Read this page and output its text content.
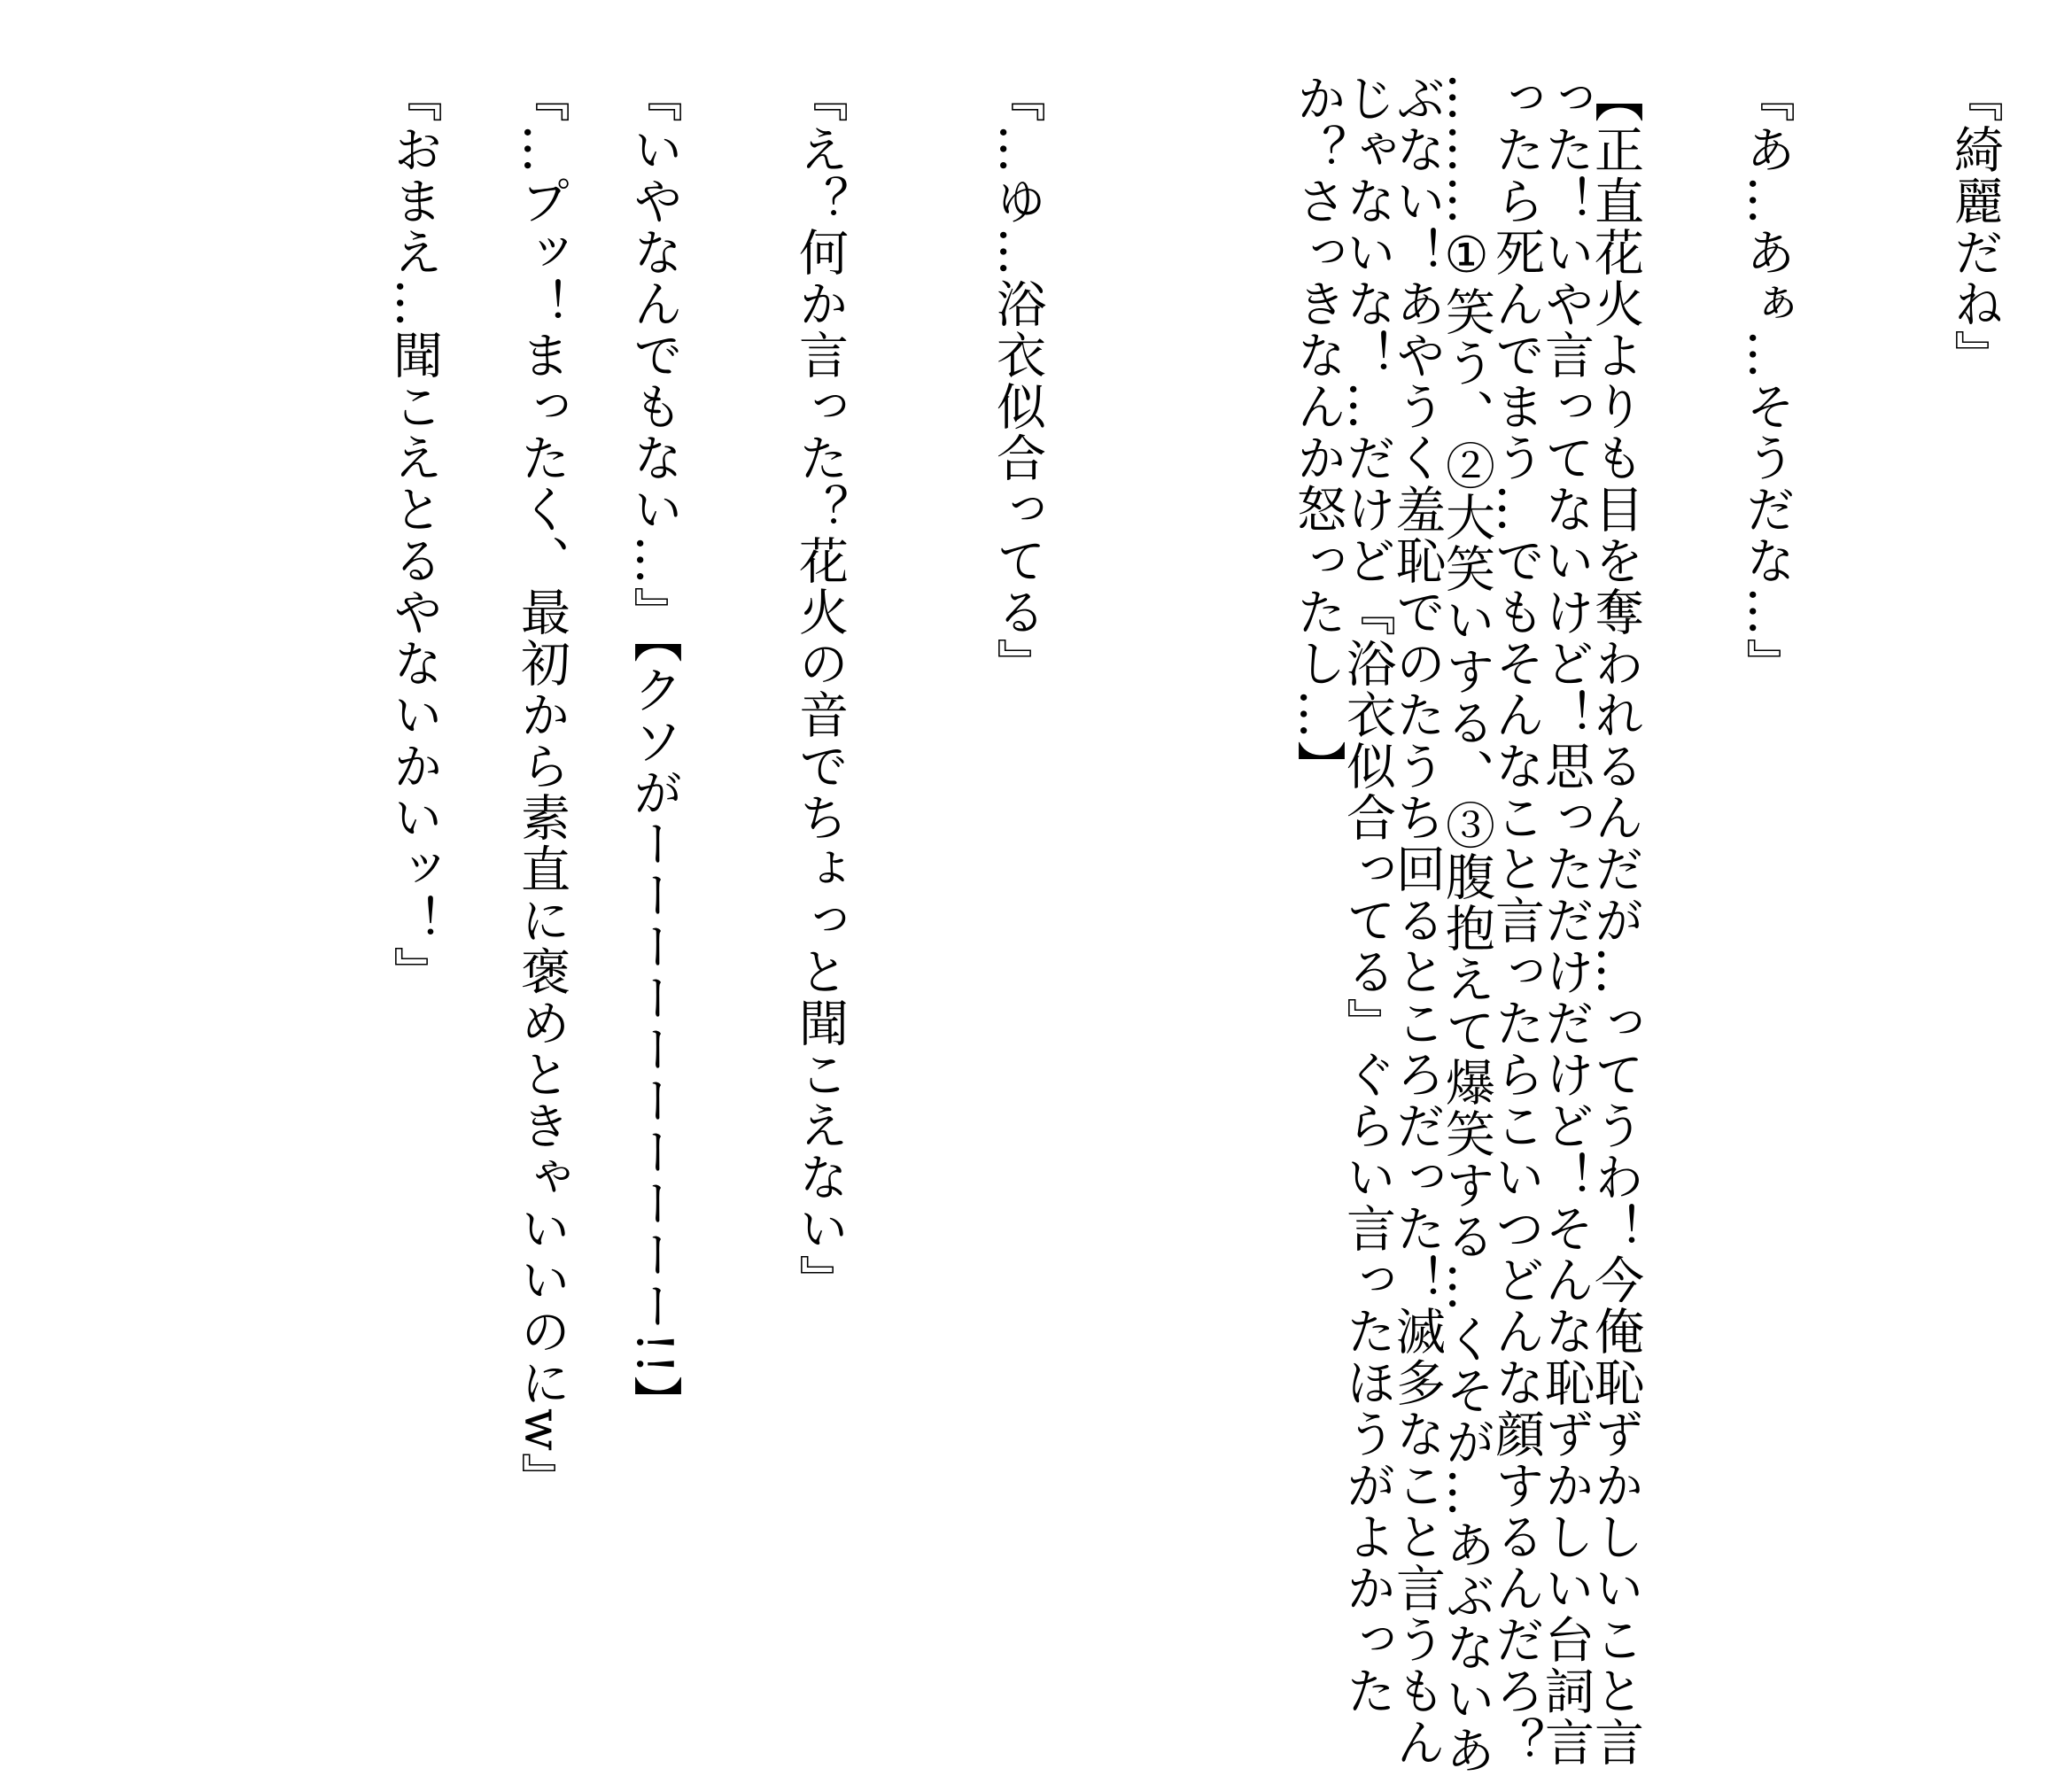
『綺麗だね』
『あ…あぁ…そうだな…』
【正直花火よりも目を奪われるんだが…ってうわ！今俺恥ずかしいこと言
った！いや言ってないけど！思っただけだけど！そんな恥ずかしい台詞言
ったら死んでまう…でもそんなこと言ったらこいつどんな顔するんだろ？
………①笑う、②大笑いする、③腹抱えて爆笑する…くそが…あぶないあ
ぶない！あやうく羞恥でのたうち回るところだった！滅多なこと言うもん
じゃないな！…だけど『浴衣似合ってる』ぐらい言ったほうがよかった
か？さっきなんか怒ったし…】
『…ゆ…浴衣似合ってる』
『え？何か言った？花火の音でちょっと聞こえない』
『いやなんでもない…』【クソがーーーーーーーーーー!!】
『…プッ！まったく、最初から素直に褒めときゃいいのにw』
『おまえ…聞こえとるやないかいッ！』
